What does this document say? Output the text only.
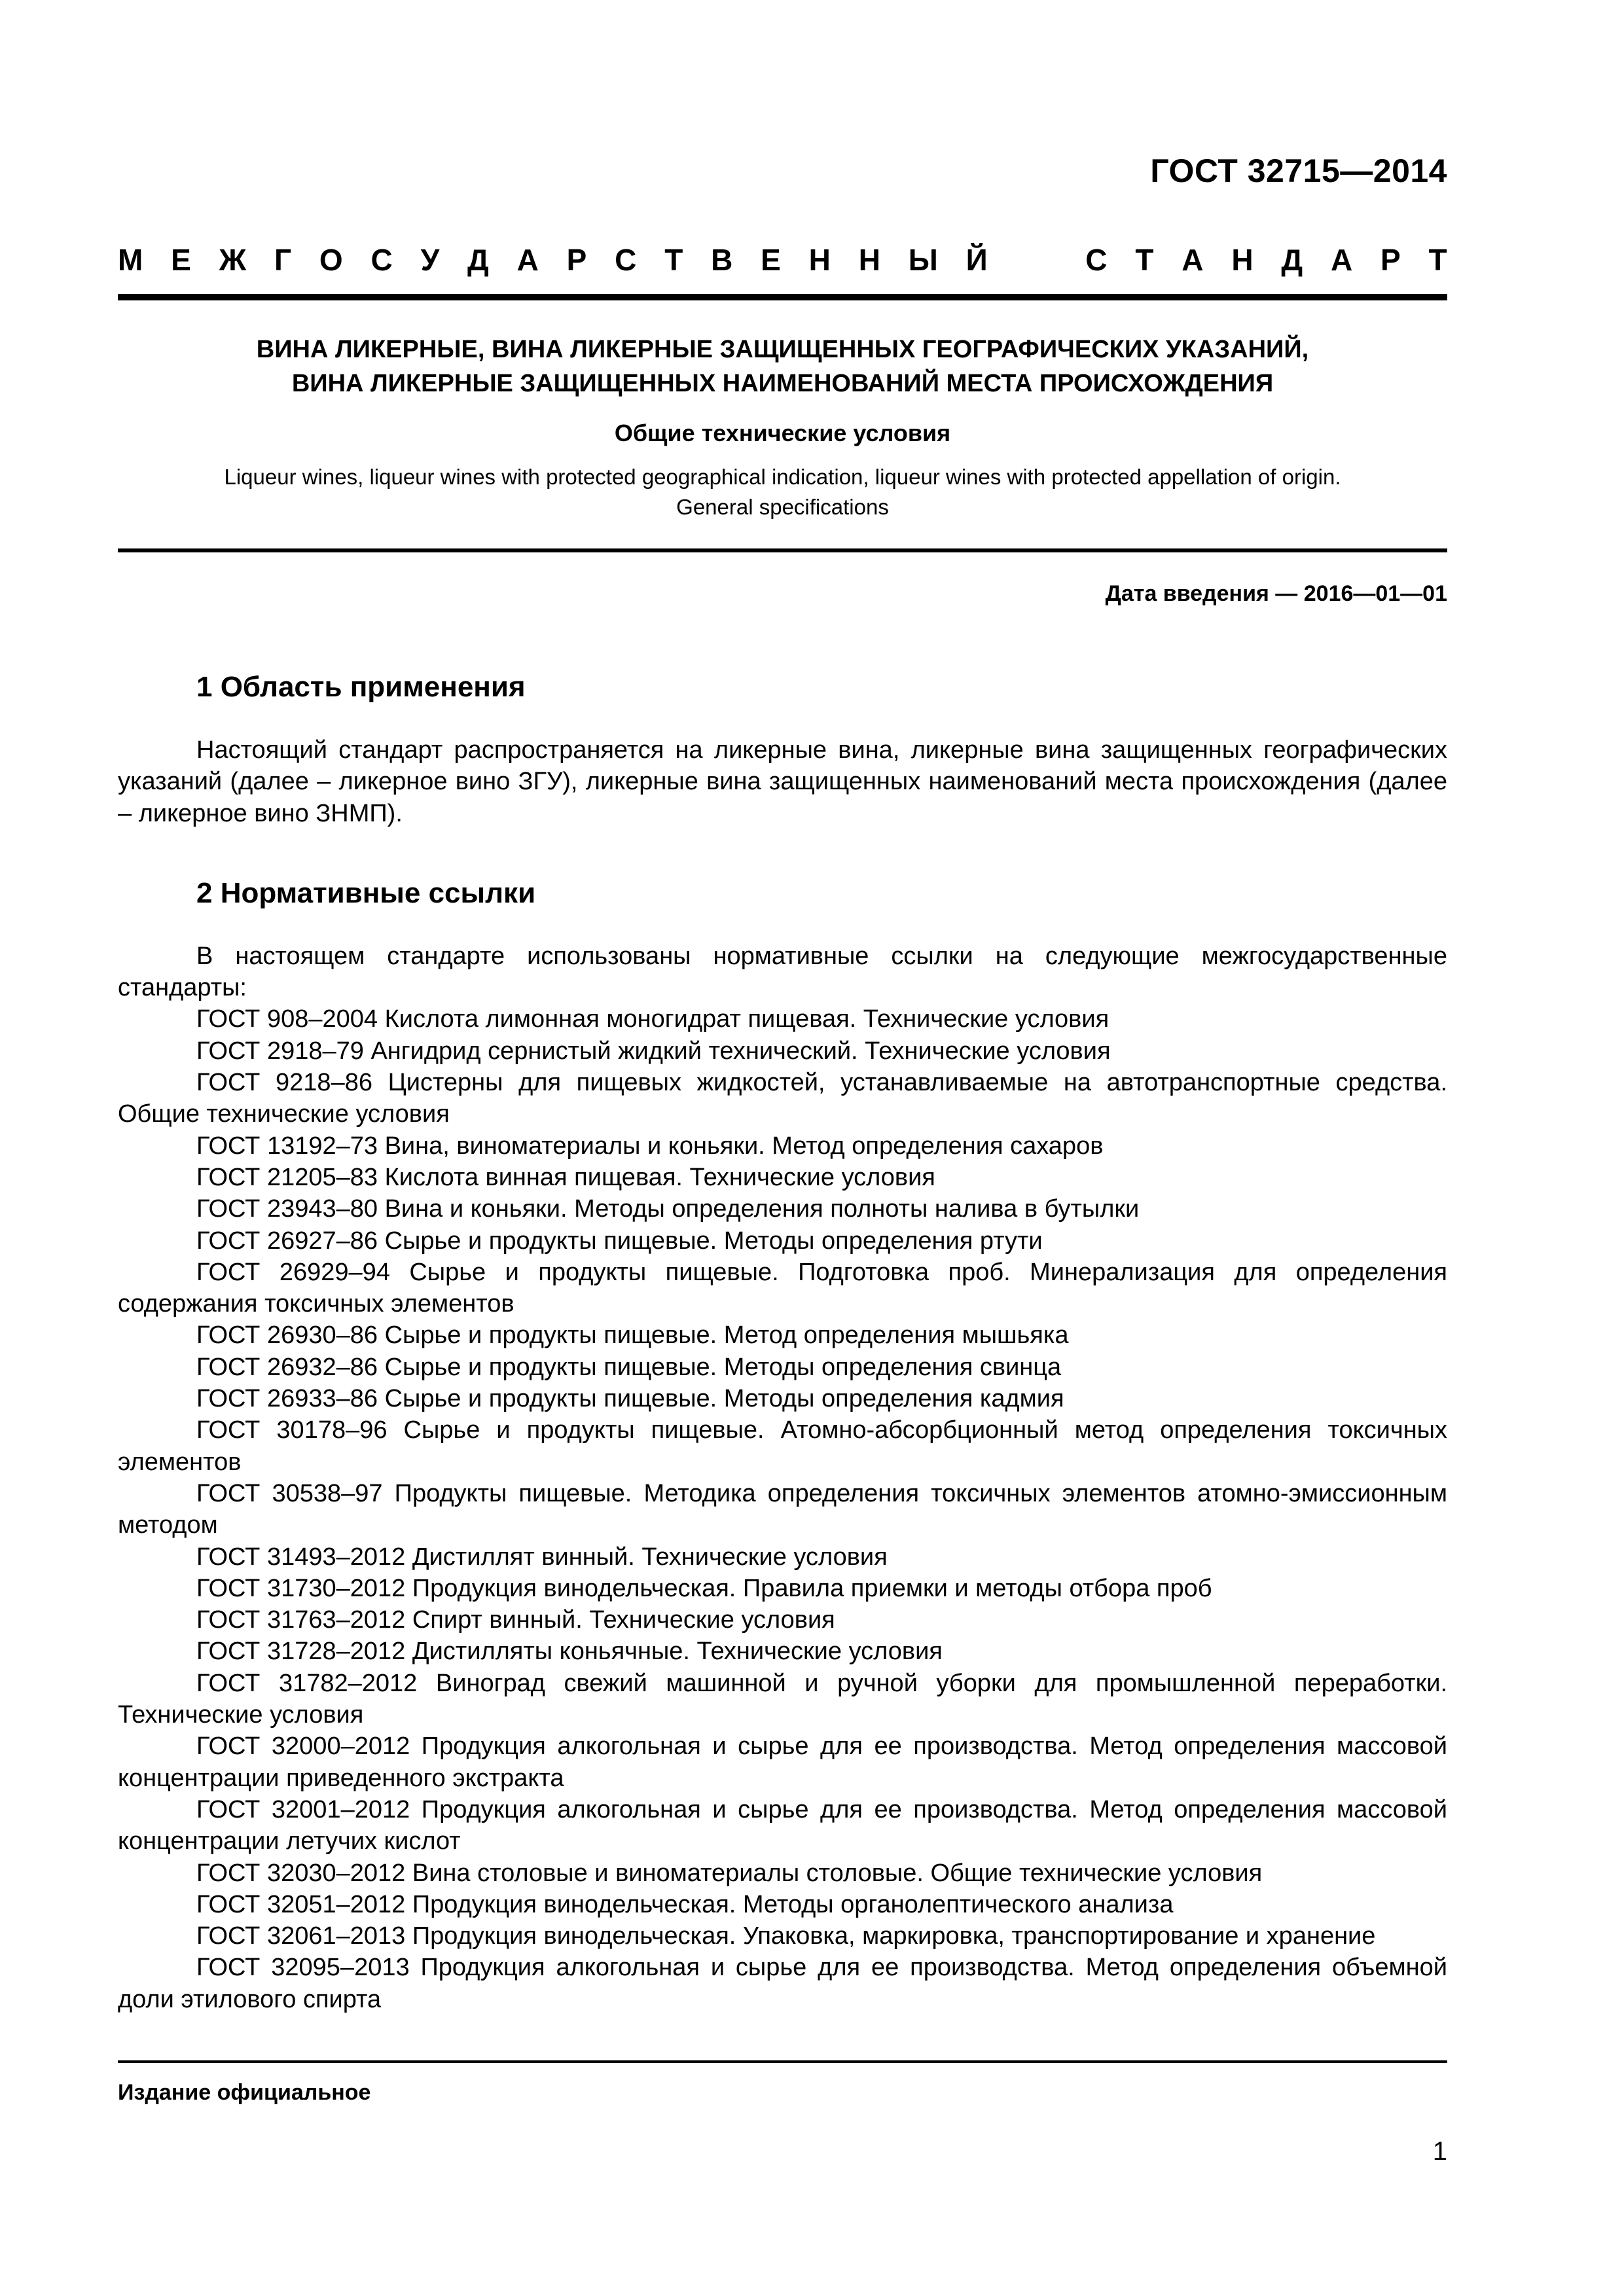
ГОСТ 32715—2014
М Е Ж Г О С У Д А Р С Т В Е Н Н Ы Й	С Т А Н Д А Р Т
ВИНА ЛИКЕРНЫЕ, ВИНА ЛИКЕРНЫЕ ЗАЩИЩЕННЫХ ГЕОГРАФИЧЕСКИХ УКАЗАНИЙ,
ВИНА ЛИКЕРНЫЕ ЗАЩИЩЕННЫХ НАИМЕНОВАНИЙ МЕСТА ПРОИСХОЖДЕНИЯ
Общие технические условия
Liqueur wines, liqueur wines with protected geographical indication, liqueur wines with protected appellation of origin.
General specifications
Дата введения — 2016—01—01
1 Область применения

Настоящий стандарт распространяется на ликерные вина, ликерные вина защищенных географических указаний (далее – ликерное вино ЗГУ), ликерные вина защищенных наименований места происхождения (далее – ликерное вино ЗНМП).

2 Нормативные ссылки

В настоящем стандарте использованы нормативные ссылки на следующие межгосударственные стандарты:

ГОСТ 908–2004 Кислота лимонная моногидрат пищевая. Технические условия

ГОСТ 2918–79 Ангидрид сернистый жидкий технический. Технические условия

ГОСТ 9218–86 Цистерны для пищевых жидкостей, устанавливаемые на автотранспортные средства. Общие технические условия

ГОСТ 13192–73 Вина, виноматериалы и коньяки. Метод определения сахаров

ГОСТ 21205–83 Кислота винная пищевая. Технические условия

ГОСТ 23943–80 Вина и коньяки. Методы определения полноты налива в бутылки

ГОСТ 26927–86 Сырье и продукты пищевые. Методы определения ртути

ГОСТ 26929–94 Сырье и продукты пищевые. Подготовка проб. Минерализация для определения содержания токсичных элементов

ГОСТ 26930–86 Сырье и продукты пищевые. Метод определения мышьяка

ГОСТ 26932–86 Сырье и продукты пищевые. Методы определения свинца

ГОСТ 26933–86 Сырье и продукты пищевые. Методы определения кадмия

ГОСТ 30178–96 Сырье и продукты пищевые. Атомно-абсорбционный метод определения токсичных элементов

ГОСТ 30538–97 Продукты пищевые. Методика определения токсичных элементов атомно-эмиссионным методом

ГОСТ 31493–2012 Дистиллят винный. Технические условия

ГОСТ 31730–2012 Продукция винодельческая. Правила приемки и методы отбора проб

ГОСТ 31763–2012 Спирт винный. Технические условия

ГОСТ 31728–2012 Дистилляты коньячные. Технические условия

ГОСТ 31782–2012 Виноград свежий машинной и ручной уборки для промышленной переработки. Технические условия

ГОСТ 32000–2012 Продукция алкогольная и сырье для ее производства. Метод определения массовой концентрации приведенного экстракта

ГОСТ 32001–2012 Продукция алкогольная и сырье для ее производства. Метод определения массовой концентрации летучих кислот

ГОСТ 32030–2012 Вина столовые и виноматериалы столовые. Общие технические условия

ГОСТ 32051–2012 Продукция винодельческая. Методы органолептического анализа

ГОСТ 32061–2013 Продукция винодельческая. Упаковка, маркировка, транспортирование и хранение

ГОСТ 32095–2013 Продукция алкогольная и сырье для ее производства. Метод определения объемной доли этилового спирта

Издание официальное
1
